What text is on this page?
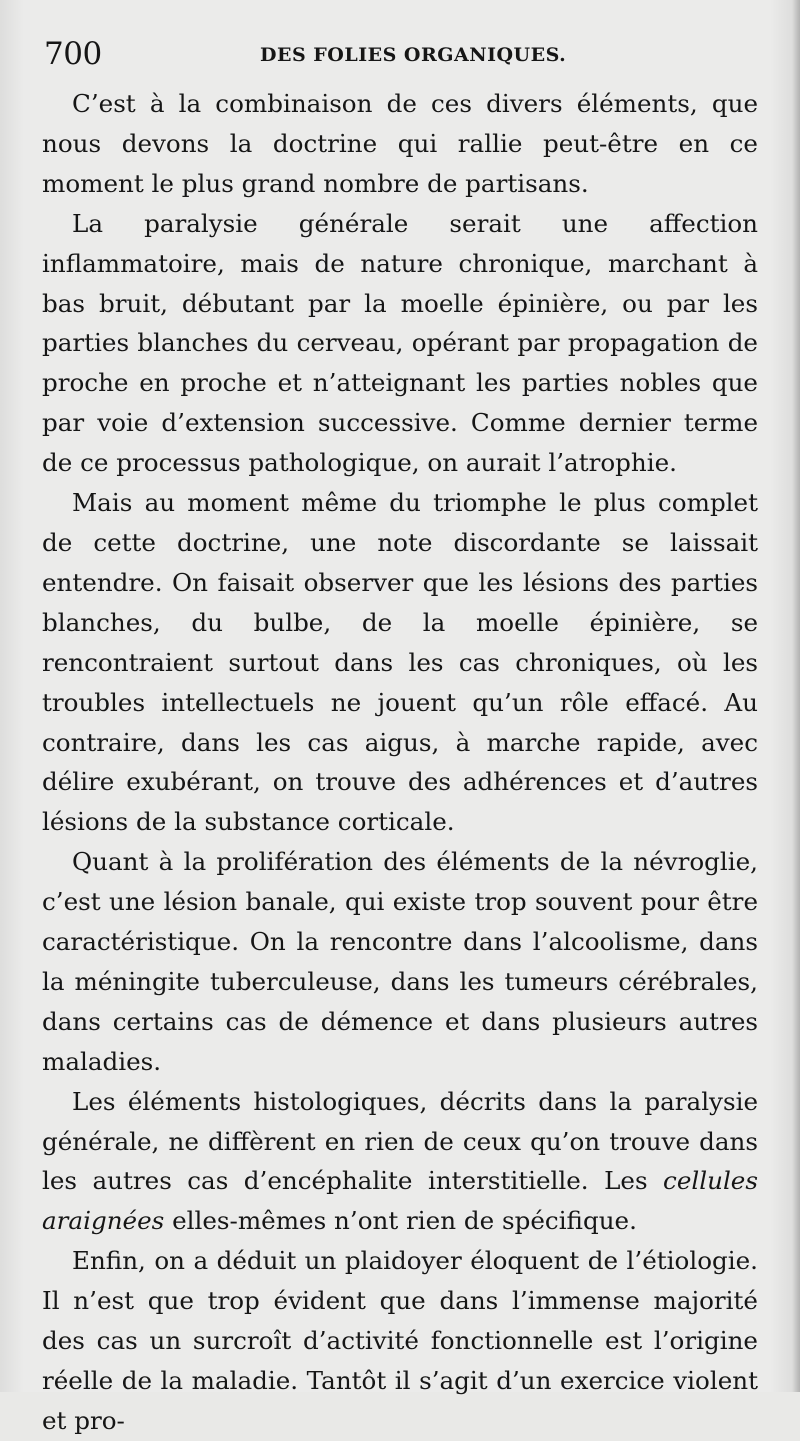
700	DES FOLIES ORGANIQUES.

C’est à la combinaison de ces divers éléments, que nous devons la doctrine qui rallie peut-être en ce moment le plus grand nombre de partisans.

La paralysie générale serait une affection inflammatoire, mais de nature chronique, marchant à bas bruit, débutant par la moelle épinière, ou par les parties blanches du cerveau, opérant par propagation de proche en proche et n’atteignant les parties nobles que par voie d’extension successive. Comme dernier terme de ce processus pathologique, on aurait l’atrophie.

Mais au moment même du triomphe le plus complet de cette doctrine, une note discordante se laissait entendre. On faisait observer que les lésions des parties blanches, du bulbe, de la moelle épinière, se rencontraient surtout dans les cas chroniques, où les troubles intellectuels ne jouent qu’un rôle effacé. Au contraire, dans les cas aigus, à marche rapide, avec délire exubérant, on trouve des adhérences et d’autres lésions de la substance corticale.

Quant à la prolifération des éléments de la névroglie, c’est une lésion banale, qui existe trop souvent pour être caractéristique. On la rencontre dans l’alcoolisme, dans la méningite tuberculeuse, dans les tumeurs cérébrales, dans certains cas de démence et dans plusieurs autres maladies.

Les éléments histologiques, décrits dans la paralysie générale, ne diffèrent en rien de ceux qu’on trouve dans les autres cas d’encéphalite interstitielle. Les cellules araignées elles-mêmes n’ont rien de spécifique.

Enfin, on a déduit un plaidoyer éloquent de l’étiologie. Il n’est que trop évident que dans l’immense majorité des cas un surcroît d’activité fonctionnelle est l’origine réelle de la maladie. Tantôt il s’agit d’un exercice violent et pro-
